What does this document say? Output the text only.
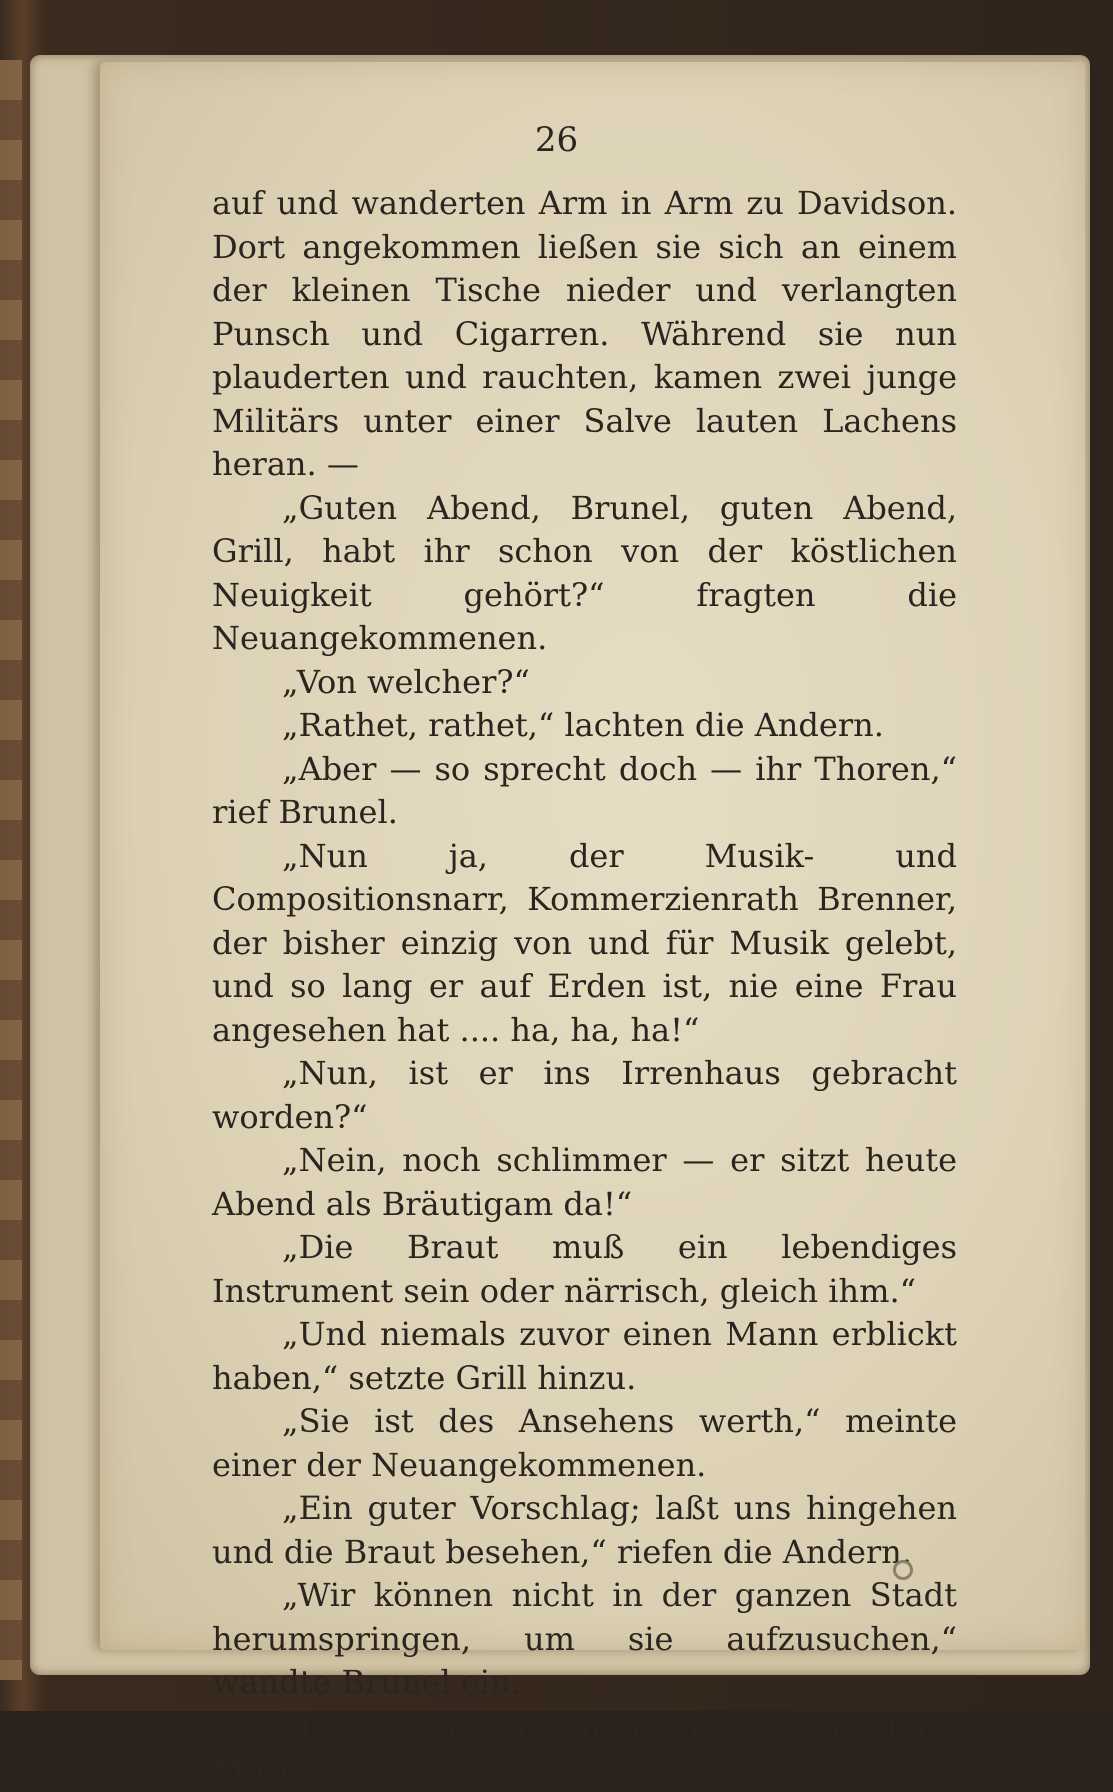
26

auf und wanderten Arm in Arm zu Davidson. Dort angekommen ließen sie sich an einem der kleinen Tische nieder und verlangten Punsch und Cigarren. Während sie nun plauderten und rauchten, kamen zwei junge Militärs unter einer Salve lauten Lachens heran. —

„Guten Abend, Brunel, guten Abend, Grill, habt ihr schon von der köstlichen Neuigkeit gehört?“ fragten die Neuangekommenen.

„Von welcher?“

„Rathet, rathet,“ lachten die Andern.

„Aber — so sprecht doch — ihr Thoren,“ rief Brunel.

„Nun ja, der Musik- und Compositionsnarr, Kommerzienrath Brenner, der bisher einzig von und für Musik gelebt, und so lang er auf Erden ist, nie eine Frau angesehen hat .... ha, ha, ha!“

„Nun, ist er ins Irrenhaus gebracht worden?“

„Nein, noch schlimmer — er sitzt heute Abend als Bräutigam da!“

„Die Braut muß ein lebendiges Instrument sein oder närrisch, gleich ihm.“

„Und niemals zuvor einen Mann erblickt haben,“ setzte Grill hinzu.

„Sie ist des Ansehens werth,“ meinte einer der Neuangekommenen.

„Ein guter Vorschlag; laßt uns hingehen und die Braut besehen,“ riefen die Andern.

„Wir können nicht in der ganzen Stadt herumspringen, um sie aufzusuchen,“ wandte Brunel ein.

„Das ist auch gar nicht nöthig; denn Moritz
